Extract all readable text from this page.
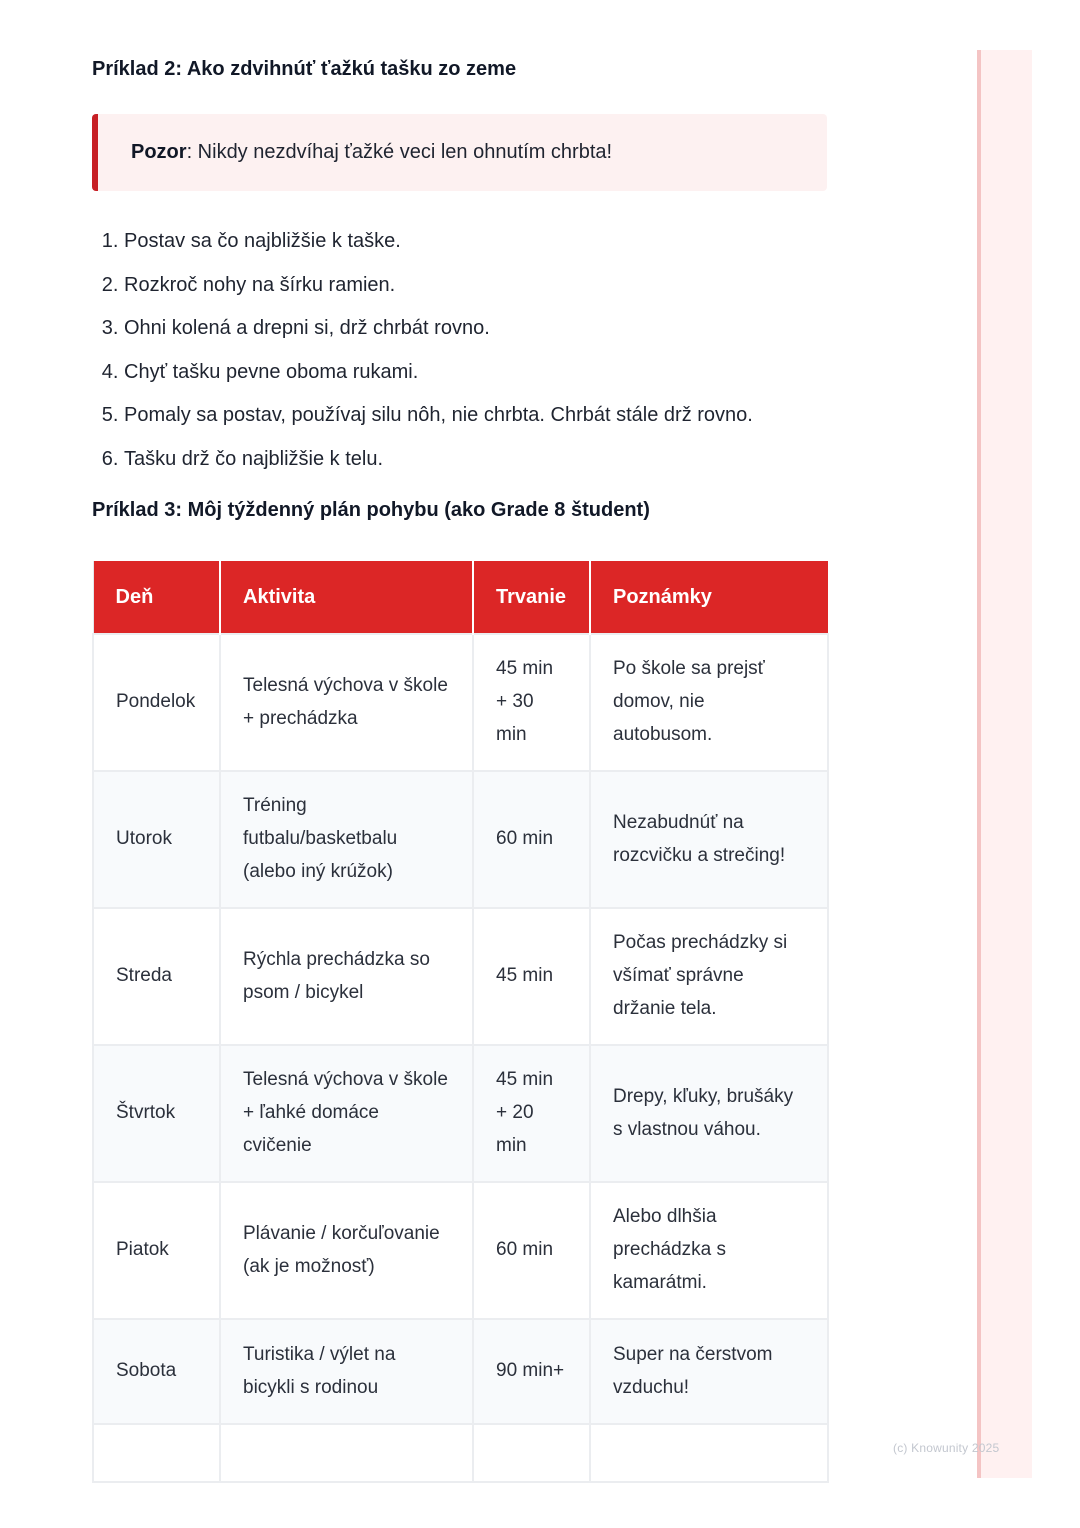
Príklad 2: Ako zdvihnúť ťažkú tašku zo zeme
Pozor: Nikdy nezdvíhaj ťažké veci len ohnutím chrbta!
1. Postav sa čo najbližšie k taške.
2. Rozkroč nohy na šírku ramien.
3. Ohni kolená a drepni si, drž chrbát rovno.
4. Chyť tašku pevne oboma rukami.
5. Pomaly sa postav, používaj silu nôh, nie chrbta. Chrbát stále drž rovno.
6. Tašku drž čo najbližšie k telu.
Príklad 3: Môj týždenný plán pohybu (ako Grade 8 študent)
Deň	Aktivita	Trvanie	Poznámky
Pondelok	Telesná výchova v škole + prechádzka	45 min + 30 min	Po škole sa prejsť domov, nie autobusom.
Utorok	Tréning futbalu/basketbalu (alebo iný krúžok)	60 min	Nezabudnúť na rozcvičku a strečing!
Streda	Rýchla prechádzka so psom / bicykel	45 min	Počas prechádzky si všímať správne držanie tela.
Štvrtok	Telesná výchova v škole + ľahké domáce cvičenie	45 min + 20 min	Drepy, kľuky, brušáky s vlastnou váhou.
Piatok	Plávanie / korčuľovanie (ak je možnosť)	60 min	Alebo dlhšia prechádzka s kamarátmi.
Sobota	Turistika / výlet na bicykli s rodinou	90 min+	Super na čerstvom vzduchu!

(c) Knowunity 2025
